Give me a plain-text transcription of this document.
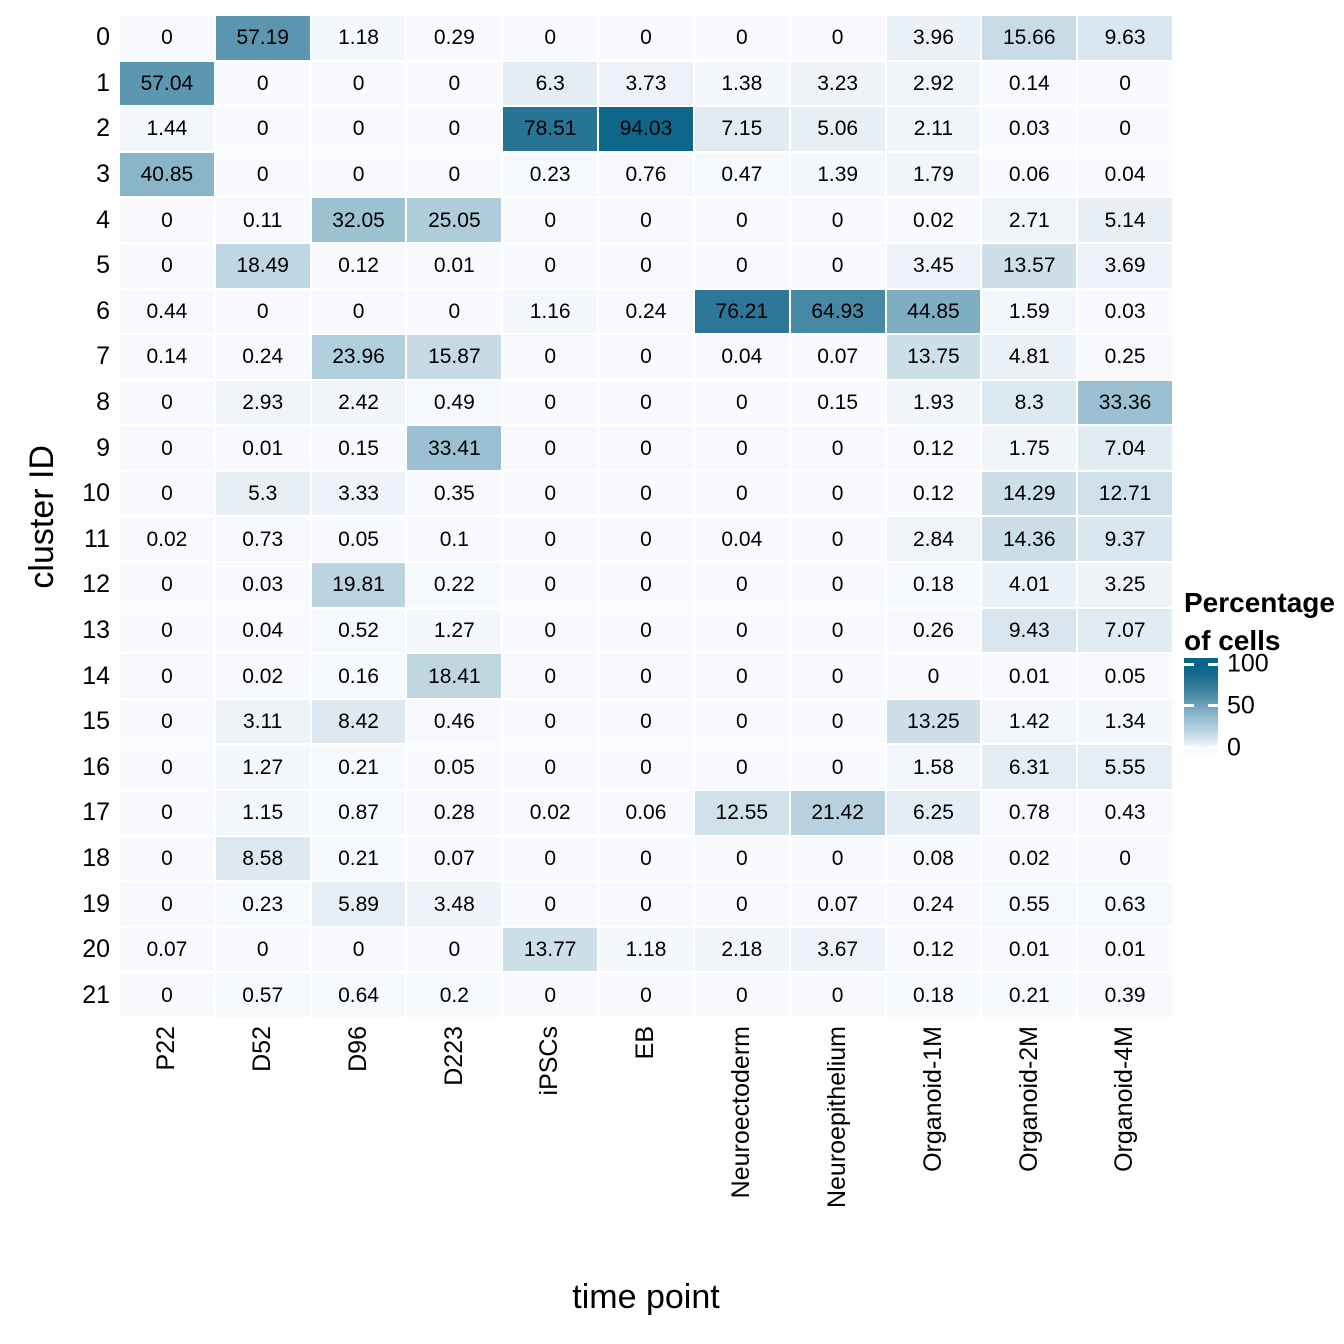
cluster ID
0
1
2
3
4
5
6
7
8
9
10
11
12
13
14
15
16
17
18
19
20
21
0	57.19	1.18	0.29	0	0	0	0	3.96	15.66	9.63
57.04	0	0	0	6.3	3.73	1.38	3.23	2.92	0.14	0
1.44	0	0	0	78.51	94.03	7.15	5.06	2.11	0.03	0
40.85	0	0	0	0.23	0.76	0.47	1.39	1.79	0.06	0.04
0	0.11	32.05	25.05	0	0	0	0	0.02	2.71	5.14
0	18.49	0.12	0.01	0	0	0	0	3.45	13.57	3.69
0.44	0	0	0	1.16	0.24	76.21	64.93	44.85	1.59	0.03
0.14	0.24	23.96	15.87	0	0	0.04	0.07	13.75	4.81	0.25
0	2.93	2.42	0.49	0	0	0	0.15	1.93	8.3	33.36
0	0.01	0.15	33.41	0	0	0	0	0.12	1.75	7.04
0	5.3	3.33	0.35	0	0	0	0	0.12	14.29	12.71
0.02	0.73	0.05	0.1	0	0	0.04	0	2.84	14.36	9.37
0	0.03	19.81	0.22	0	0	0	0	0.18	4.01	3.25
0	0.04	0.52	1.27	0	0	0	0	0.26	9.43	7.07
0	0.02	0.16	18.41	0	0	0	0	0	0.01	0.05
0	3.11	8.42	0.46	0	0	0	0	13.25	1.42	1.34
0	1.27	0.21	0.05	0	0	0	0	1.58	6.31	5.55
0	1.15	0.87	0.28	0.02	0.06	12.55	21.42	6.25	0.78	0.43
0	8.58	0.21	0.07	0	0	0	0	0.08	0.02	0
0	0.23	5.89	3.48	0	0	0	0.07	0.24	0.55	0.63
0.07	0	0	0	13.77	1.18	2.18	3.67	0.12	0.01	0.01
0	0.57	0.64	0.2	0	0	0	0	0.18	0.21	0.39
P22	D52	D96	D223	iPSCs	EB	Neuroectoderm	Neuroepithelium	Organoid-1M	Organoid-2M	Organoid-4M
time point
Percentage
of cells
100
50
0
